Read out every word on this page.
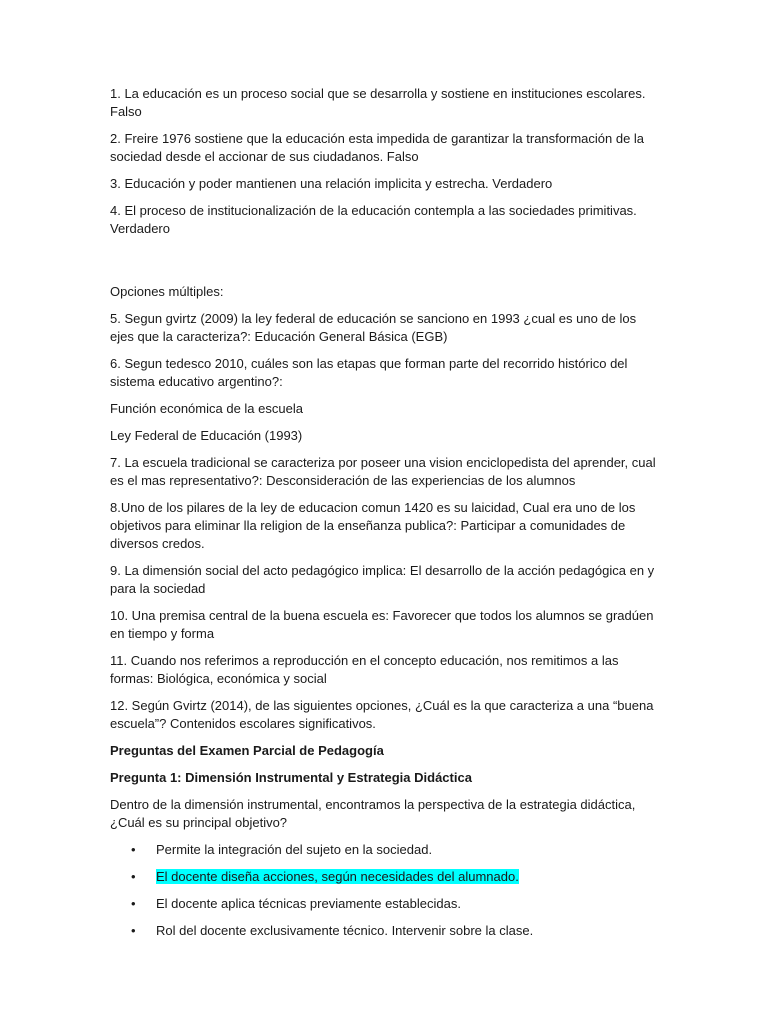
1. La educación es un proceso social que se desarrolla y sostiene en instituciones escolares. Falso

2. Freire 1976 sostiene que la educación esta impedida de garantizar la transformación de la sociedad desde el accionar de sus ciudadanos. Falso

3. Educación y poder mantienen una relación implicita y estrecha. Verdadero

4. El proceso de institucionalización de la educación contempla a las sociedades primitivas. Verdadero

Opciones múltiples:

5. Segun gvirtz (2009) la ley federal de educación se sanciono en 1993 ¿cual es uno de los ejes que la caracteriza?: Educación General Básica (EGB)

6. Segun tedesco 2010, cuáles son las etapas que forman parte del recorrido histórico del sistema educativo argentino?:

Función económica de la escuela

Ley Federal de Educación (1993)

7. La escuela tradicional se caracteriza por poseer una vision enciclopedista del aprender, cual es el mas representativo?: Desconsideración de las experiencias de los alumnos

8.Uno de los pilares de la ley de educacion comun 1420 es su laicidad, Cual era uno de los objetivos para eliminar lla religion de la enseñanza publica?: Participar a comunidades de diversos credos.

9. La dimensión social del acto pedagógico implica: El desarrollo de la acción pedagógica en y para la sociedad

10. Una premisa central de la buena escuela es: Favorecer que todos los alumnos se gradúen en tiempo y forma

11. Cuando nos referimos a reproducción en el concepto educación, nos remitimos a las formas: Biológica, económica y social

12. Según Gvirtz (2014), de las siguientes opciones, ¿Cuál es la que caracteriza a una “buena escuela”? Contenidos escolares significativos.

Preguntas del Examen Parcial de Pedagogía

Pregunta 1: Dimensión Instrumental y Estrategia Didáctica

Dentro de la dimensión instrumental, encontramos la perspectiva de la estrategia didáctica, ¿Cuál es su principal objetivo?

• Permite la integración del sujeto en la sociedad.
• El docente diseña acciones, según necesidades del alumnado.
• El docente aplica técnicas previamente establecidas.
• Rol del docente exclusivamente técnico. Intervenir sobre la clase.
